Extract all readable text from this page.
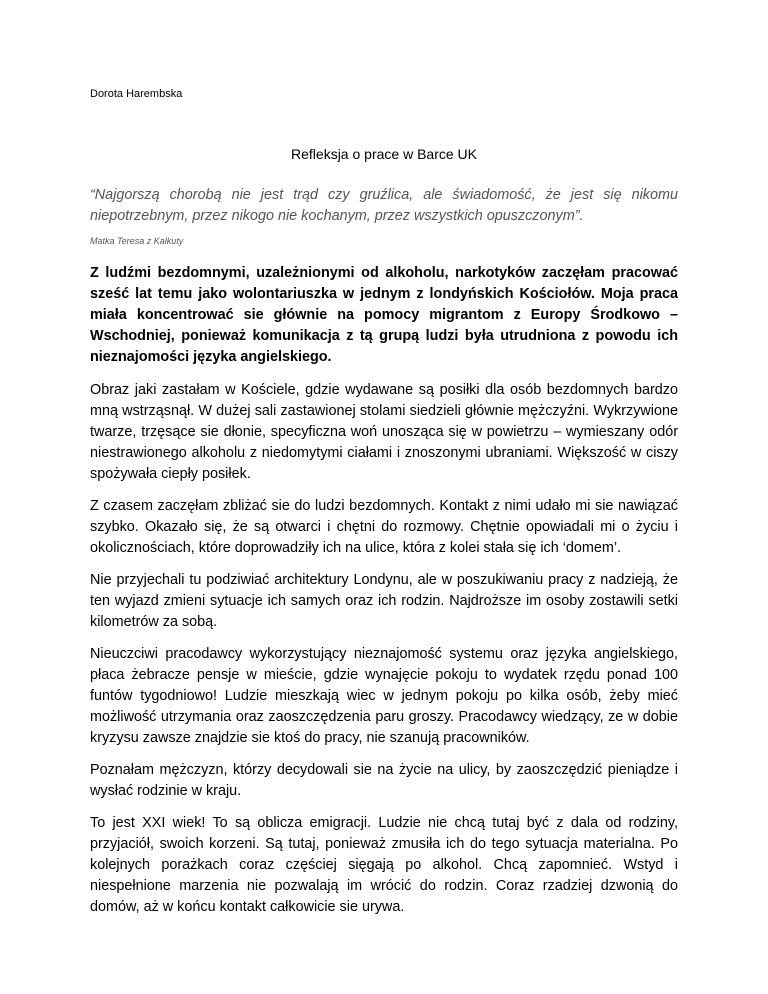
Dorota Harembska

Refleksja o prace w Barce UK

“Najgorszą chorobą nie jest trąd czy gruźlica, ale świadomość, że jest się nikomu niepotrzebnym, przez nikogo nie kochanym, przez wszystkich opuszczonym”.

Matka Teresa z Kalkuty

Z ludźmi bezdomnymi, uzależnionymi od alkoholu, narkotyków zaczęłam pracować sześć lat temu jako wolontariuszka w jednym z londyńskich Kościołów. Moja praca miała koncentrować sie głównie na pomocy migrantom z Europy Środkowo – Wschodniej, ponieważ komunikacja z tą grupą ludzi była utrudniona z powodu ich nieznajomości języka angielskiego.

Obraz jaki zastałam w Kościele, gdzie wydawane są posiłki dla osób bezdomnych bardzo mną wstrząsnął. W dużej sali zastawionej stolami siedzieli głównie mężczyźni. Wykrzywione twarze, trzęsące sie dłonie, specyficzna woń unosząca się w powietrzu – wymieszany odór niestrawionego alkoholu z niedomytymi ciałami i znoszonymi ubraniami. Większość w ciszy spożywała ciepły posiłek.

Z czasem zaczęłam zbliżać sie do ludzi bezdomnych. Kontakt z nimi udało mi sie nawiązać szybko. Okazało się, że są otwarci i chętni do rozmowy. Chętnie opowiadali mi o życiu i okolicznościach, które doprowadziły ich na ulice, która z kolei stała się ich ‘domem’.

Nie przyjechali tu podziwiać architektury Londynu, ale w poszukiwaniu pracy z nadzieją, że ten wyjazd zmieni sytuacje ich samych oraz ich rodzin. Najdroższe im osoby zostawili setki kilometrów za sobą.

Nieuczciwi pracodawcy wykorzystujący nieznajomość systemu oraz języka angielskiego, płaca żebracze pensje w mieście, gdzie wynajęcie pokoju to wydatek rzędu ponad 100 funtów tygodniowo! Ludzie mieszkają wiec w jednym pokoju po kilka osób, żeby mieć możliwość utrzymania oraz zaoszczędzenia paru groszy. Pracodawcy wiedzący, ze w dobie kryzysu zawsze znajdzie sie ktoś do pracy, nie szanują pracowników.

Poznałam mężczyzn, którzy decydowali sie na życie na ulicy, by zaoszczędzić pieniądze i wysłać rodzinie w kraju.

To jest XXI wiek! To są oblicza emigracji. Ludzie nie chcą tutaj być z dala od rodziny, przyjaciół, swoich korzeni. Są tutaj, ponieważ zmusiła ich do tego sytuacja materialna. Po kolejnych porażkach coraz częściej sięgają po alkohol. Chcą zapomnieć. Wstyd i niespełnione marzenia nie pozwalają im wrócić do rodzin. Coraz rzadziej dzwonią do domów, aż w końcu kontakt całkowicie sie urywa.
